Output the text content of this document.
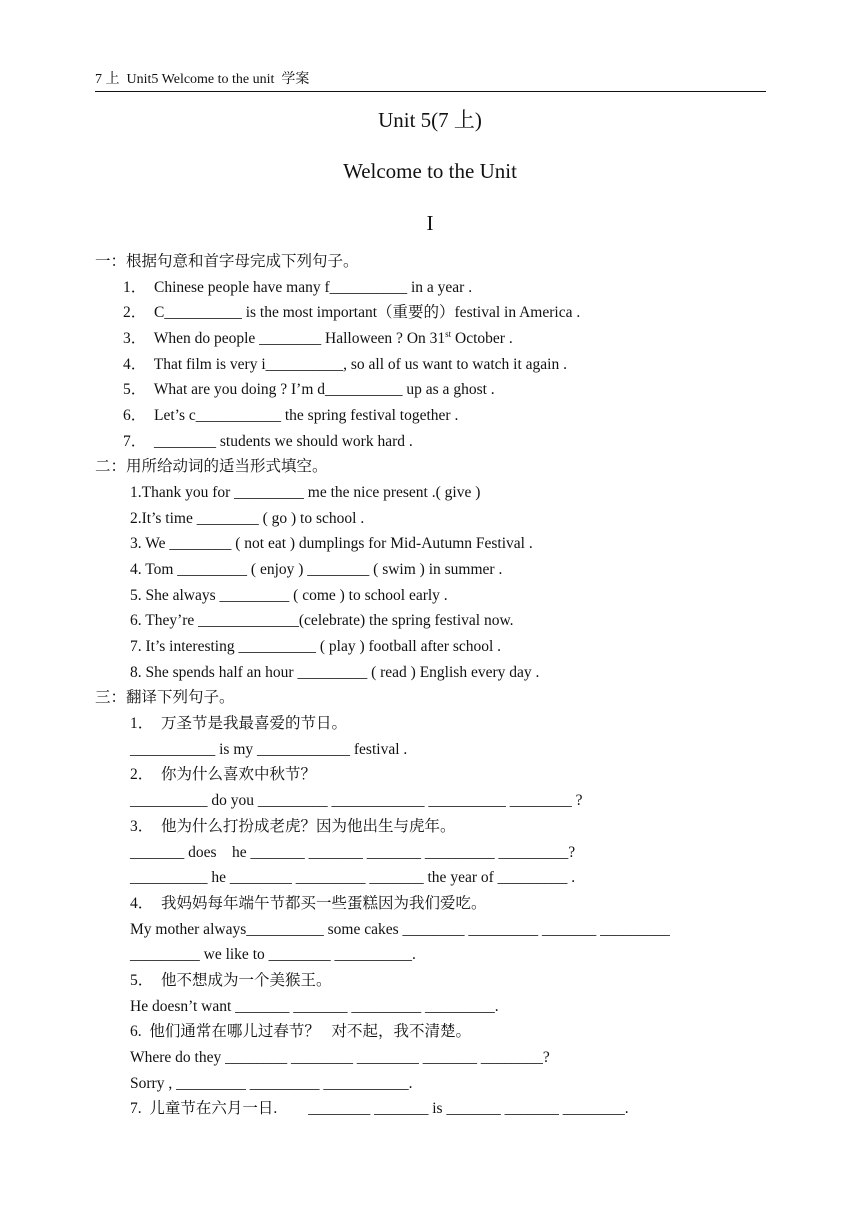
7 上  Unit5 Welcome to the unit  学案
Unit 5(7 上)
Welcome to the Unit
I
一：根据句意和首字母完成下列句子。
1．  Chinese people have many f__________ in a year .
2．  C__________ is the most important（重要的）festival in America .
3．  When do people ________ Halloween ? On 31st October .
4．  That film is very i__________, so all of us want to watch it again .
5．  What are you doing ? I’m d__________ up as a ghost .
6．  Let’s c___________ the spring festival together .
7．  ________ students we should work hard .
二：用所给动词的适当形式填空。
1.Thank you for _________ me the nice present .( give )
2.It’s time ________ ( go ) to school .
3. We ________ ( not eat ) dumplings for Mid-Autumn Festival .
4. Tom _________ ( enjoy ) ________ ( swim ) in summer .
5. She always _________ ( come ) to school early .
6. They’re _____________(celebrate) the spring festival now.
7. It’s interesting __________ ( play ) football after school .
8. She spends half an hour _________ ( read ) English every day .
三：翻译下列句子。
1．  万圣节是我最喜爱的节日。
___________ is my ____________ festival .
2．  你为什么喜欢中秋节？
__________ do you _________ ____________ __________ ________ ?
3．  他为什么打扮成老虎？因为他出生与虎年。
_______ does    he _______ _______ _______ _________ _________?
__________ he ________ _________ _______ the year of _________ .
4．  我妈妈每年端午节都买一些蛋糕因为我们爱吃。
My mother always__________ some cakes ________ _________ _______ _________
_________ we like to ________ __________.
5．  他不想成为一个美猴王。
He doesn’t want _______ _______ _________ _________.
6.  他们通常在哪儿过春节？   对不起，我不清楚。
Where do they ________ ________ ________ _______ ________?
Sorry , _________ _________ ___________.
7.  儿童节在六月一日.        ________ _______ is _______ _______ ________.
